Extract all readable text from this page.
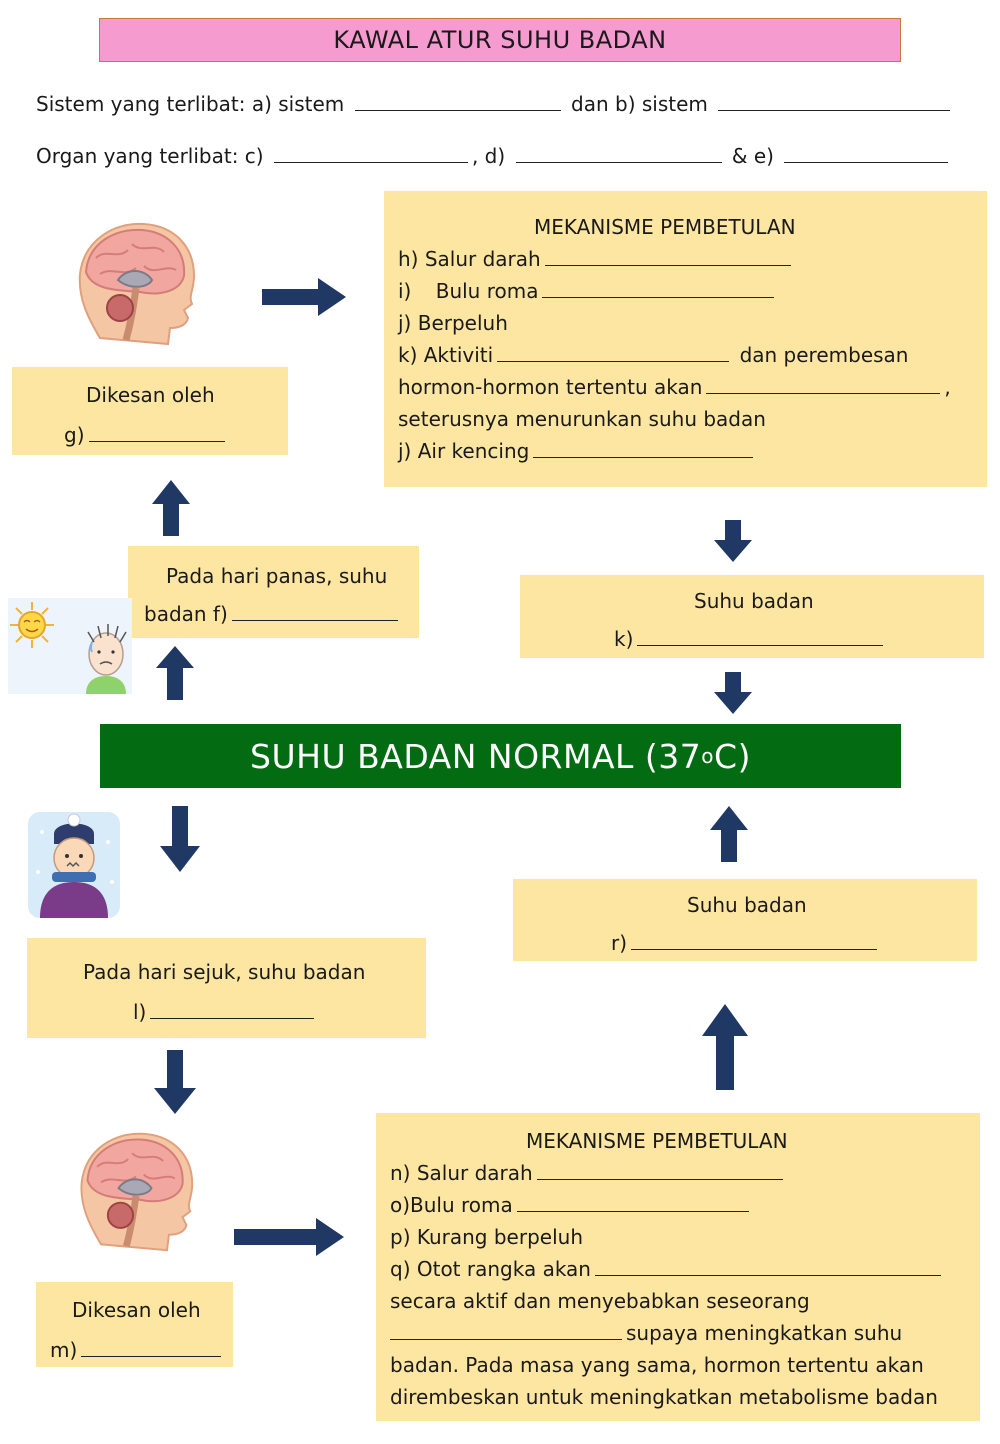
KAWAL ATUR SUHU BADAN
Sistem yang terlibat: a) sistem	dan b) sistem
Organ yang terlibat: c)	, d)	& e)
Dikesan oleh
g)
MEKANISME PEMBETULAN
h) Salur darah
i) Bulu roma
j) Berpeluh
k) Aktiviti	dan perembesan
hormon-hormon tertentu akan	,
seterusnya menurunkan suhu badan
j) Air kencing
Pada hari panas, suhu
badan f)
Suhu badan
k)
SUHU BADAN NORMAL (37 o C)
Suhu badan
r)
Pada hari sejuk, suhu badan
l)
Dikesan oleh
m)
MEKANISME PEMBETULAN
n) Salur darah
o)Bulu roma
p) Kurang berpeluh
q) Otot rangka akan
secara aktif dan menyebabkan seseorang
supaya meningkatkan suhu
badan. Pada masa yang sama, hormon tertentu akan
dirembeskan untuk meningkatkan metabolisme badan
